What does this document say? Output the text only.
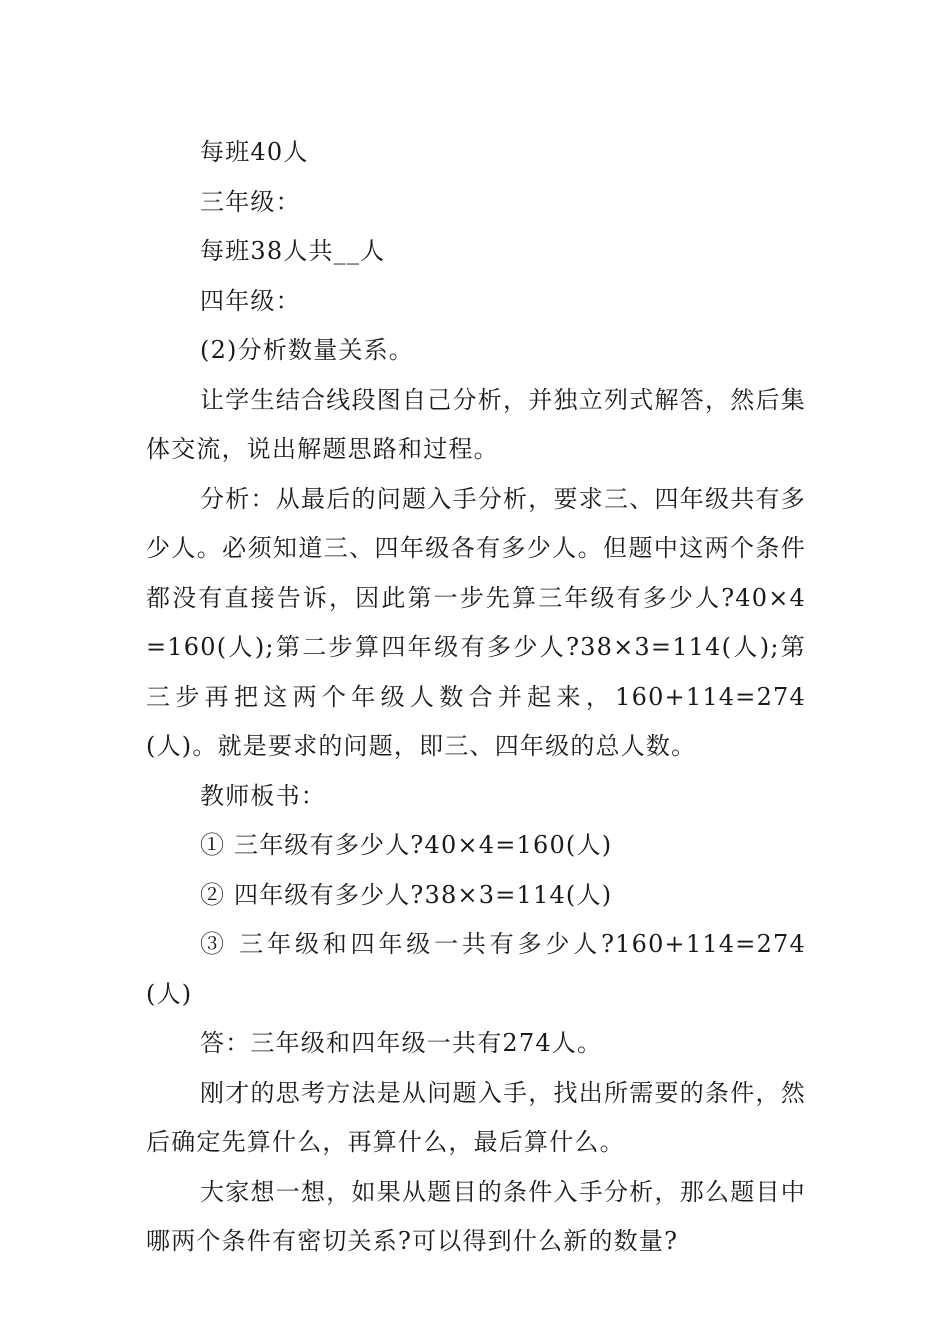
每班40人

三年级：

每班38人共__人

四年级：

(2)分析数量关系。

让学生结合线段图自己分析，并独立列式解答，然后集体交流，说出解题思路和过程。

分析：从最后的问题入手分析，要求三、四年级共有多少人。必须知道三、四年级各有多少人。但题中这两个条件都没有直接告诉，因此第一步先算三年级有多少人?40×4=160(人);第二步算四年级有多少人?38×3=114(人);第三步再把这两个年级人数合并起来，160+114=274(人)。就是要求的问题，即三、四年级的总人数。

教师板书：

① 三年级有多少人?40×4=160(人)

② 四年级有多少人?38×3=114(人)

③ 三年级和四年级一共有多少人?160+114=274(人)

答：三年级和四年级一共有274人。

刚才的思考方法是从问题入手，找出所需要的条件，然后确定先算什么，再算什么，最后算什么。

大家想一想，如果从题目的条件入手分析，那么题目中哪两个条件有密切关系?可以得到什么新的数量?
